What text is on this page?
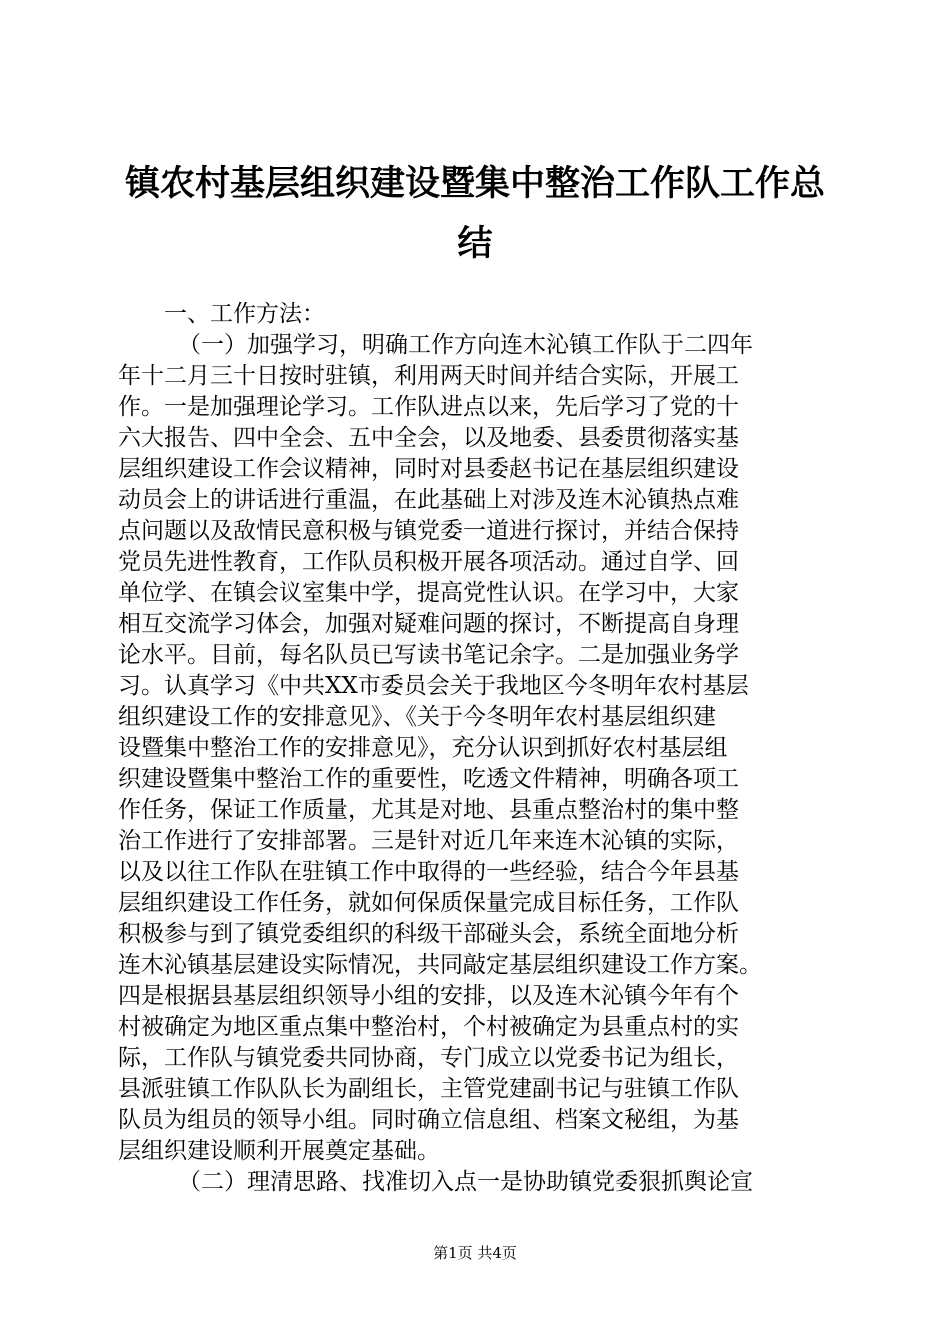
镇农村基层组织建设暨集中整治工作队工作总
结
一、工作方法：
（一）加强学习，明确工作方向连木沁镇工作队于二四年
年十二月三十日按时驻镇，利用两天时间并结合实际，开展工
作。一是加强理论学习。工作队进点以来，先后学习了党的十
六大报告、四中全会、五中全会，以及地委、县委贯彻落实基
层组织建设工作会议精神，同时对县委赵书记在基层组织建设
动员会上的讲话进行重温，在此基础上对涉及连木沁镇热点难
点问题以及敌情民意积极与镇党委一道进行探讨，并结合保持
党员先进性教育，工作队员积极开展各项活动。通过自学、回
单位学、在镇会议室集中学，提高党性认识。在学习中，大家
相互交流学习体会，加强对疑难问题的探讨，不断提高自身理
论水平。目前，每名队员已写读书笔记余字。二是加强业务学
习。认真学习《中共XX市委员会关于我地区今冬明年农村基层
组织建设工作的安排意见》、《关于今冬明年农村基层组织建
设暨集中整治工作的安排意见》，充分认识到抓好农村基层组
织建设暨集中整治工作的重要性，吃透文件精神，明确各项工
作任务，保证工作质量，尤其是对地、县重点整治村的集中整
治工作进行了安排部署。三是针对近几年来连木沁镇的实际，
以及以往工作队在驻镇工作中取得的一些经验，结合今年县基
层组织建设工作任务，就如何保质保量完成目标任务，工作队
积极参与到了镇党委组织的科级干部碰头会，系统全面地分析
连木沁镇基层建设实际情况，共同敲定基层组织建设工作方案。
四是根据县基层组织领导小组的安排，以及连木沁镇今年有个
村被确定为地区重点集中整治村，个村被确定为县重点村的实
际，工作队与镇党委共同协商，专门成立以党委书记为组长，
县派驻镇工作队队长为副组长，主管党建副书记与驻镇工作队
队员为组员的领导小组。同时确立信息组、档案文秘组，为基
层组织建设顺利开展奠定基础。
（二）理清思路、找准切入点一是协助镇党委狠抓舆论宣
第1页 共4页
